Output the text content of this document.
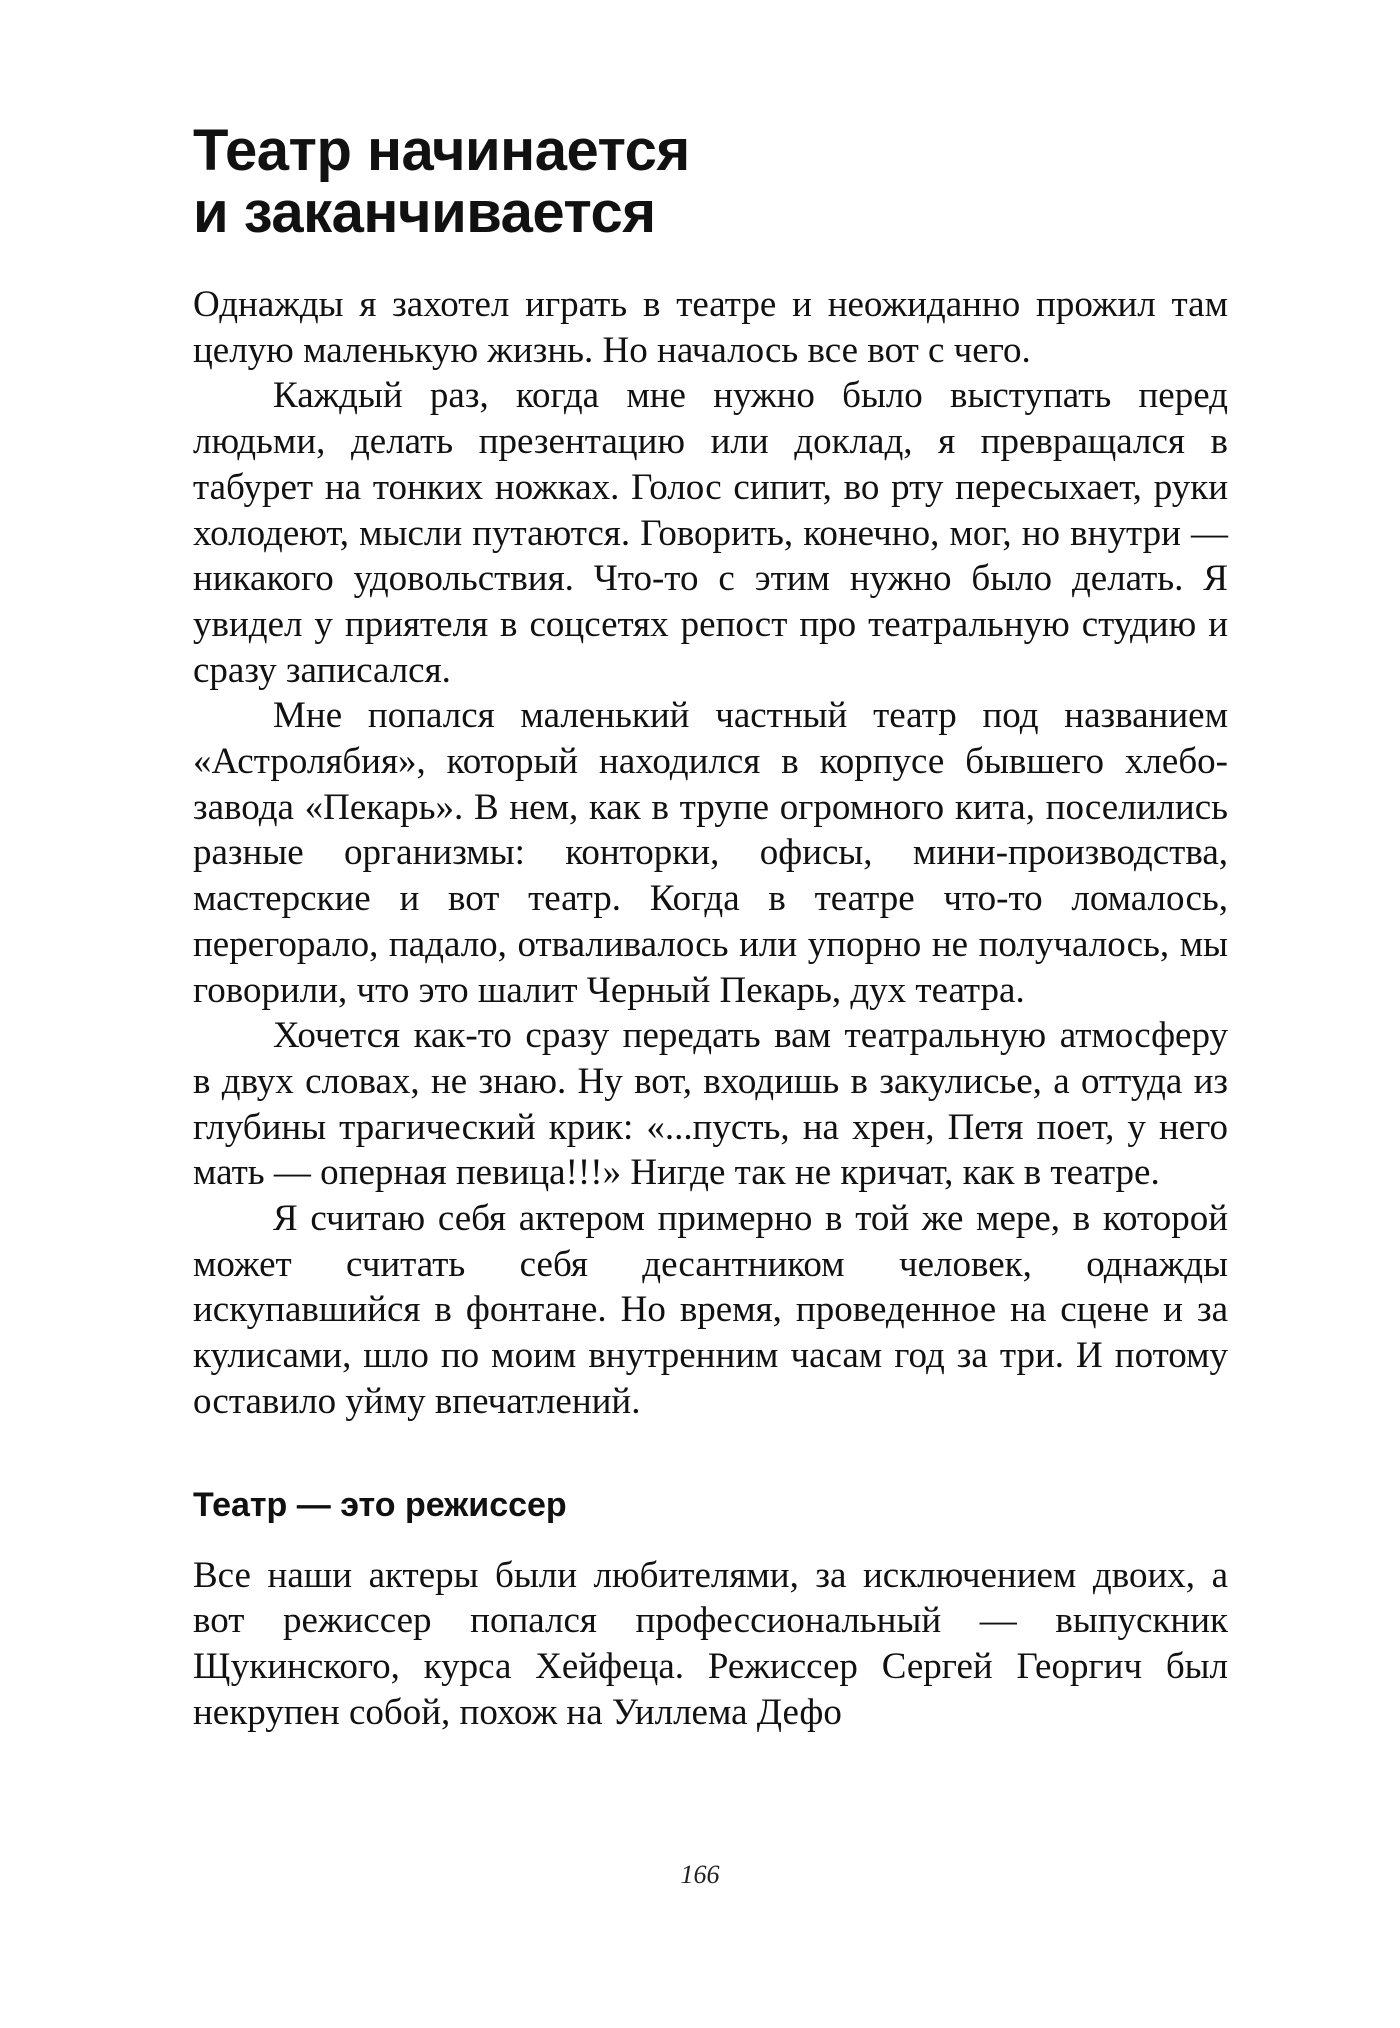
Театр начинается
и заканчивается

Однажды я захотел играть в театре и неожиданно прожил там целую маленькую жизнь. Но началось все вот с чего.

Каждый раз, когда мне нужно было выступать перед людьми, делать презентацию или доклад, я превращался в табурет на тонких ножках. Голос сипит, во рту пересыхает, руки холодеют, мысли путаются. Говорить, конечно, мог, но внутри — никакого удовольствия. Что-то с этим нужно было делать. Я увидел у приятеля в соцсетях репост про театральную студию и сразу записался.

Мне попался маленький частный театр под названием «Астролябия», который находился в корпусе бывшего хлебозавода «Пекарь». В нем, как в трупе огромного кита, поселились разные организмы: конторки, офисы, мини-производства, мастерские и вот театр. Когда в театре что-то ломалось, перегорало, падало, отваливалось или упорно не получалось, мы говорили, что это шалит Черный Пекарь, дух театра.

Хочется как-то сразу передать вам театральную атмосферу в двух словах, не знаю. Ну вот, входишь в закулисье, а оттуда из глубины трагический крик: «...пусть, на хрен, Петя поет, у него мать — оперная певица!!!» Нигде так не кричат, как в театре.

Я считаю себя актером примерно в той же мере, в которой может считать себя десантником человек, однажды искупавшийся в фонтане. Но время, проведенное на сцене и за кулисами, шло по моим внутренним часам год за три. И потому оставило уйму впечатлений.

Театр — это режиссер

Все наши актеры были любителями, за исключением двоих, а вот режиссер попался профессиональный — выпускник Щукинского, курса Хейфеца. Режиссер Сергей Георгич был некрупен собой, похож на Уиллема Дефо

166
